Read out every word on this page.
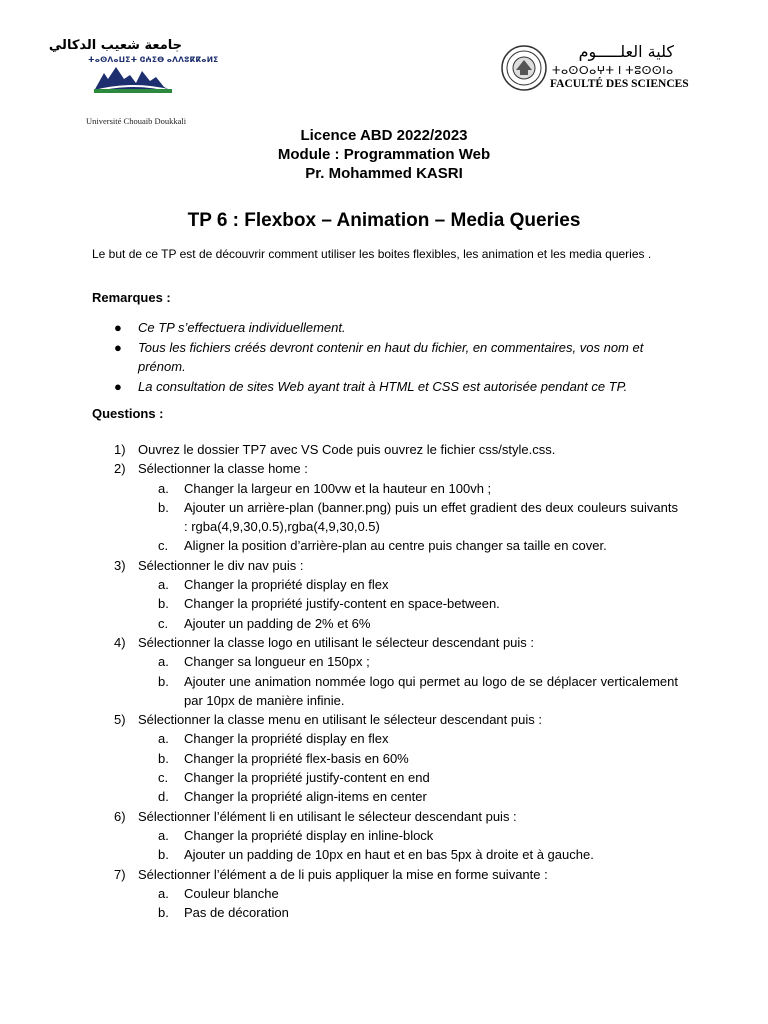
جامعة شعيب الدكالي
ⵜⴰⵙⴷⴰⵡⵉⵜ ⵛⵄⵉⴱ ⴰⴷⴷⵓⴽⴽⴰⵍⵉ
Université Chouaib Doukkali
كلية العلـــــوم
ⵜⴰⵙⵔⴰⵖⵜ ⵏ ⵜⵓⵙⵙⵏⴰ
FACULTÉ DES SCIENCES
Licence ABD 2022/2023
Module : Programmation Web
Pr. Mohammed KASRI
TP 6 : Flexbox – Animation – Media Queries
Le but de ce TP est de découvrir comment utiliser les boites flexibles, les animation et les media queries .
Remarques :
● Ce TP s’effectuera individuellement.
● Tous les fichiers créés devront contenir en haut du fichier, en commentaires, vos nom et prénom.
● La consultation de sites Web ayant trait à HTML et CSS est autorisée pendant ce TP.
Questions :
1) Ouvrez le dossier TP7 avec VS Code puis ouvrez le fichier css/style.css.
2) Sélectionner la classe home :
a. Changer la largeur en 100vw et la hauteur en 100vh ;
b. Ajouter un arrière-plan (banner.png) puis un effet gradient des deux couleurs suivants : rgba(4,9,30,0.5),rgba(4,9,30,0.5)
c. Aligner la position d’arrière-plan au centre puis changer sa taille en cover.
3) Sélectionner le div nav puis :
a. Changer la propriété display en flex
b. Changer la propriété justify-content en space-between.
c. Ajouter un padding de 2% et 6%
4) Sélectionner la classe logo en utilisant le sélecteur descendant puis :
a. Changer sa longueur en 150px ;
b. Ajouter une animation nommée logo qui permet au logo de se déplacer verticalement par 10px de manière infinie.
5) Sélectionner la classe menu en utilisant le sélecteur descendant puis :
a. Changer la propriété display en flex
b. Changer la propriété flex-basis en 60%
c. Changer la propriété justify-content en end
d. Changer la propriété align-items en center
6) Sélectionner l’élément li en utilisant le sélecteur descendant puis :
a. Changer la propriété display en inline-block
b. Ajouter un padding de 10px en haut et en bas 5px à droite et à gauche.
7) Sélectionner l’élément a de li puis appliquer la mise en forme suivante :
a. Couleur blanche
b. Pas de décoration
